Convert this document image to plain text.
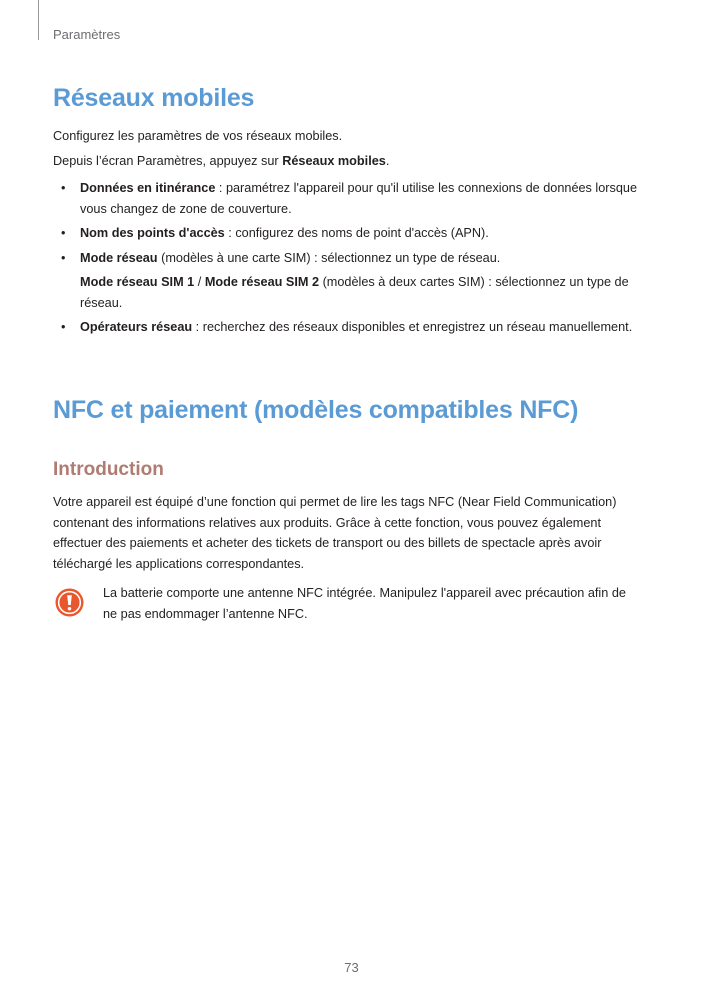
Paramètres
Réseaux mobiles

Configurez les paramètres de vos réseaux mobiles.

Depuis l’écran Paramètres, appuyez sur Réseaux mobiles.

• Données en itinérance : paramétrez l'appareil pour qu'il utilise les connexions de données lorsque vous changez de zone de couverture.
• Nom des points d'accès : configurez des noms de point d'accès (APN).
• Mode réseau (modèles à une carte SIM) : sélectionnez un type de réseau.
Mode réseau SIM 1 / Mode réseau SIM 2 (modèles à deux cartes SIM) : sélectionnez un type de réseau.
• Opérateurs réseau : recherchez des réseaux disponibles et enregistrez un réseau manuellement.
NFC et paiement (modèles compatibles NFC)
Introduction

Votre appareil est équipé d’une fonction qui permet de lire les tags NFC (Near Field Communication) contenant des informations relatives aux produits. Grâce à cette fonction, vous pouvez également effectuer des paiements et acheter des tickets de transport ou des billets de spectacle après avoir téléchargé les applications correspondantes.

La batterie comporte une antenne NFC intégrée. Manipulez l'appareil avec précaution afin de ne pas endommager l’antenne NFC.

73
